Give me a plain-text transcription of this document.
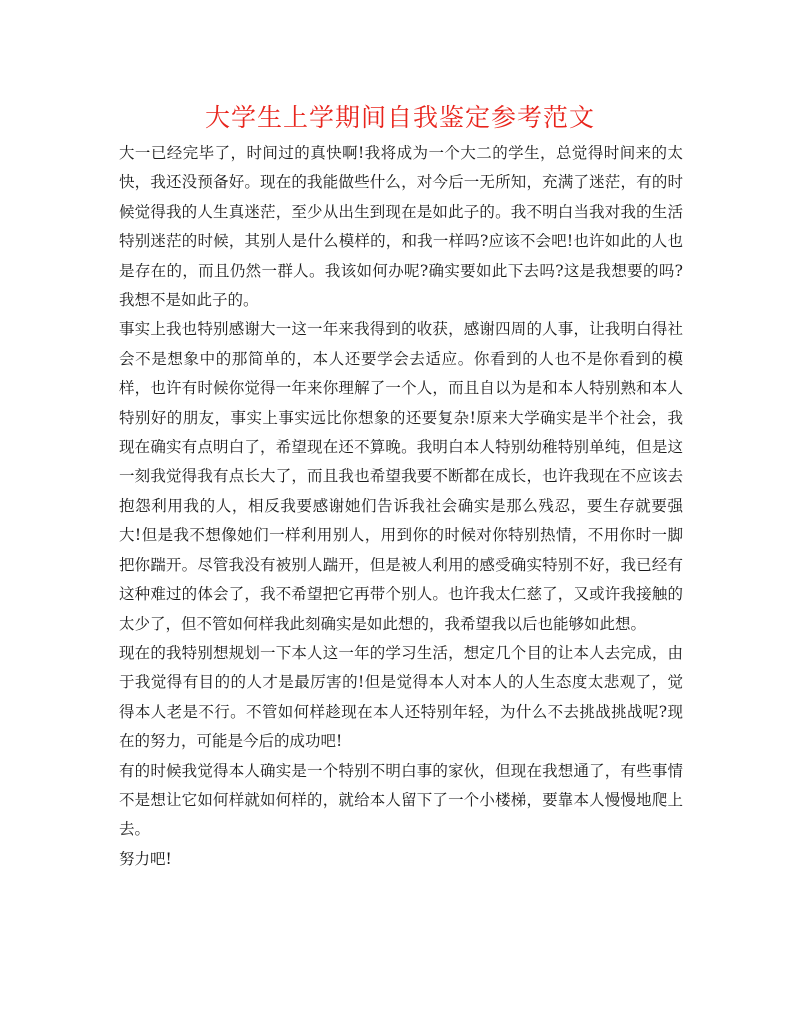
大学生上学期间自我鉴定参考范文

大一已经完毕了，时间过的真快啊!我将成为一个大二的学生，总觉得时间来的太快，我还没预备好。现在的我能做些什么，对今后一无所知，充满了迷茫，有的时候觉得我的人生真迷茫，至少从出生到现在是如此子的。我不明白当我对我的生活特别迷茫的时候，其别人是什么模样的，和我一样吗?应该不会吧!也许如此的人也是存在的，而且仍然一群人。我该如何办呢?确实要如此下去吗?这是我想要的吗?我想不是如此子的。

事实上我也特别感谢大一这一年来我得到的收获，感谢四周的人事，让我明白得社会不是想象中的那简单的，本人还要学会去适应。你看到的人也不是你看到的模样，也许有时候你觉得一年来你理解了一个人，而且自以为是和本人特别熟和本人特别好的朋友，事实上事实远比你想象的还要复杂!原来大学确实是半个社会，我现在确实有点明白了，希望现在还不算晚。我明白本人特别幼稚特别单纯，但是这一刻我觉得我有点长大了，而且我也希望我要不断都在成长，也许我现在不应该去抱怨利用我的人，相反我要感谢她们告诉我社会确实是那么残忍，要生存就要强大!但是我不想像她们一样利用别人，用到你的时候对你特别热情，不用你时一脚把你踹开。尽管我没有被别人踹开，但是被人利用的感受确实特别不好，我已经有这种难过的体会了，我不希望把它再带个别人。也许我太仁慈了，又或许我接触的太少了，但不管如何样我此刻确实是如此想的，我希望我以后也能够如此想。

现在的我特别想规划一下本人这一年的学习生活，想定几个目的让本人去完成，由于我觉得有目的的人才是最厉害的!但是觉得本人对本人的人生态度太悲观了，觉得本人老是不行。不管如何样趁现在本人还特别年轻，为什么不去挑战挑战呢?现在的努力，可能是今后的成功吧!

有的时候我觉得本人确实是一个特别不明白事的家伙，但现在我想通了，有些事情不是想让它如何样就如何样的，就给本人留下了一个小楼梯，要靠本人慢慢地爬上去。

努力吧!
